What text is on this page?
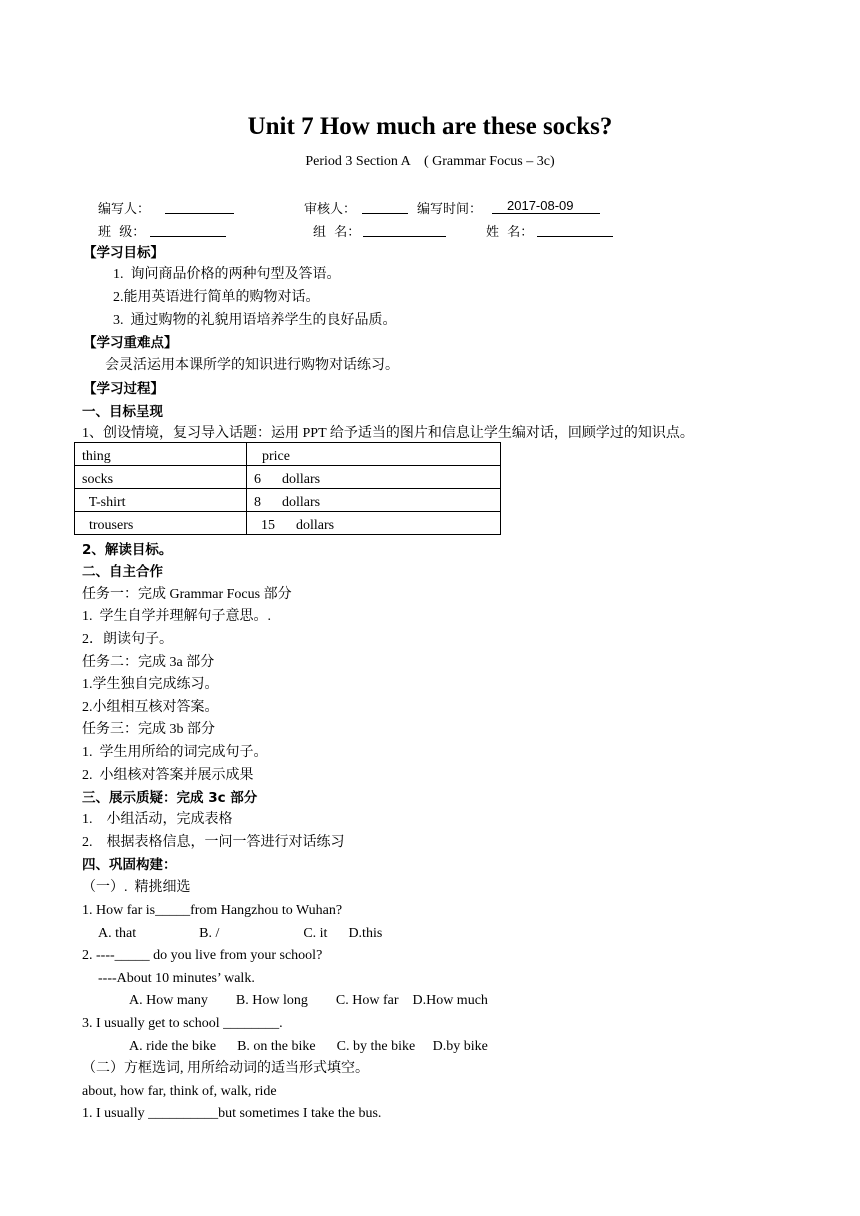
Unit 7 How much are these socks?
Period 3 Section A    ( Grammar Focus – 3c)
编写人：	审核人：	编写时间： 2017-08-09
班  级：	组  名：	姓  名：
【学习目标】
1.  询问商品价格的两种句型及答语。
2.能用英语进行简单的购物对话。
3.  通过购物的礼貌用语培养学生的良好品质。
【学习重难点】
会灵活运用本课所学的知识进行购物对话练习。
【学习过程】
一、目标呈现
1、创设情境，复习导入话题：运用 PPT 给予适当的图片和信息让学生编对话，回顾学过的知识点。
thing	price
socks	6      dollars
T-shirt	8      dollars
trousers	15      dollars
2、解读目标。
二、自主合作
任务一：完成 Grammar Focus 部分
1.  学生自学并理解句子意思。.
2．朗读句子。
任务二：完成 3a 部分
1.学生独自完成练习。
2.小组相互核对答案。
任务三：完成 3b 部分
1.  学生用所给的词完成句子。
2.  小组核对答案并展示成果
三、展示质疑：完成 3c 部分
1.    小组活动，完成表格
2.    根据表格信息，一问一答进行对话练习
四、巩固构建：
（一）.  精挑细选
1. How far is_____from Hangzhou to Wuhan?
A. that                  B. /                        C. it      D.this
2. ----_____ do you live from your school?
----About 10 minutes’ walk.
A. How many        B. How long        C. How far    D.How much
3. I usually get to school ________.
A. ride the bike      B. on the bike      C. by the bike     D.by bike
（二）方框选词, 用所给动词的适当形式填空。
about, how far, think of, walk, ride
1. I usually __________but sometimes I take the bus.
